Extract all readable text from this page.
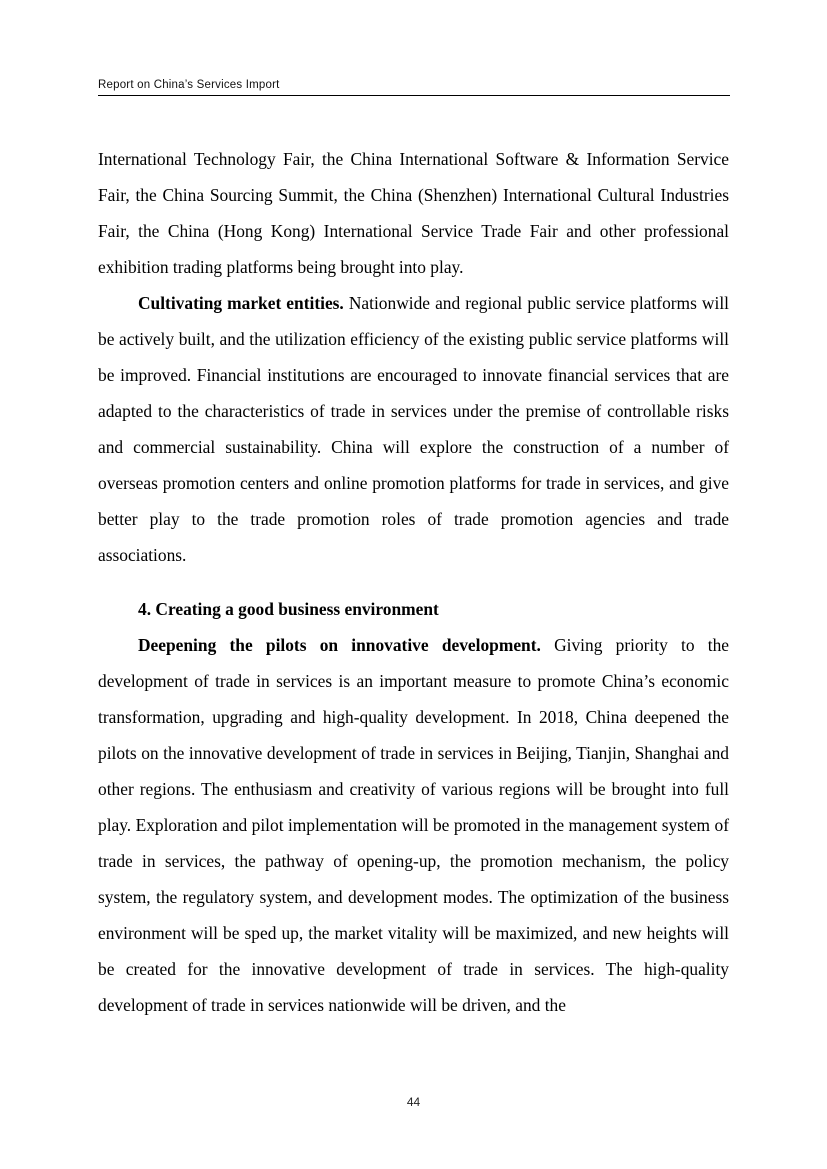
Report on China’s Services Import

International Technology Fair, the China International Software & Information Service Fair, the China Sourcing Summit, the China (Shenzhen) International Cultural Industries Fair, the China (Hong Kong) International Service Trade Fair and other professional exhibition trading platforms being brought into play.

Cultivating market entities. Nationwide and regional public service platforms will be actively built, and the utilization efficiency of the existing public service platforms will be improved. Financial institutions are encouraged to innovate financial services that are adapted to the characteristics of trade in services under the premise of controllable risks and commercial sustainability. China will explore the construction of a number of overseas promotion centers and online promotion platforms for trade in services, and give better play to the trade promotion roles of trade promotion agencies and trade associations.

4. Creating a good business environment

Deepening the pilots on innovative development. Giving priority to the development of trade in services is an important measure to promote China’s economic transformation, upgrading and high-quality development. In 2018, China deepened the pilots on the innovative development of trade in services in Beijing, Tianjin, Shanghai and other regions. The enthusiasm and creativity of various regions will be brought into full play. Exploration and pilot implementation will be promoted in the management system of trade in services, the pathway of opening-up, the promotion mechanism, the policy system, the regulatory system, and development modes. The optimization of the business environment will be sped up, the market vitality will be maximized, and new heights will be created for the innovative development of trade in services. The high-quality development of trade in services nationwide will be driven, and the

44
